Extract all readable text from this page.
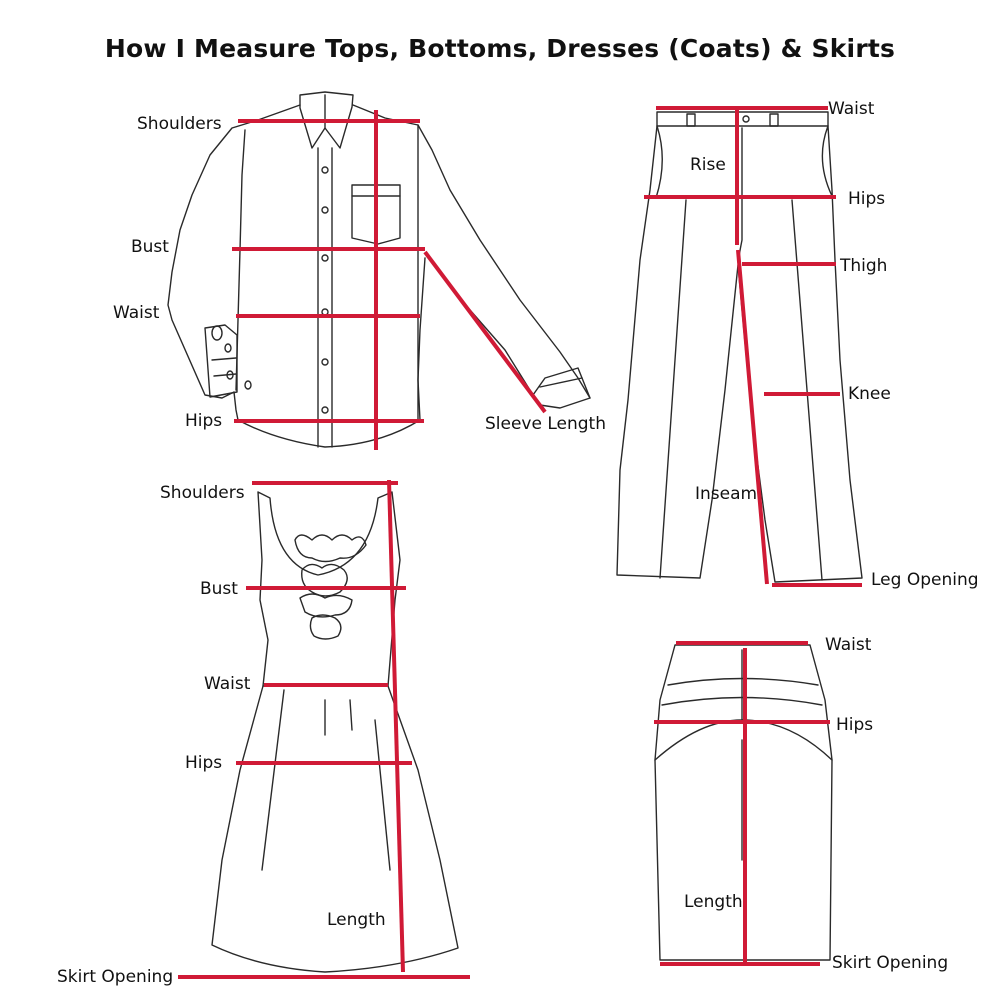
How I Measure Tops, Bottoms, Dresses (Coats) & Skirts
Shoulders
Bust
Waist
Hips	Sleeve Length
Waist
Rise
Hips
Thigh
Knee
Inseam
Leg Opening
Shoulders
Bust
Waist
Hips
Length
Skirt Opening
Waist
Hips
Length
Skirt Opening
